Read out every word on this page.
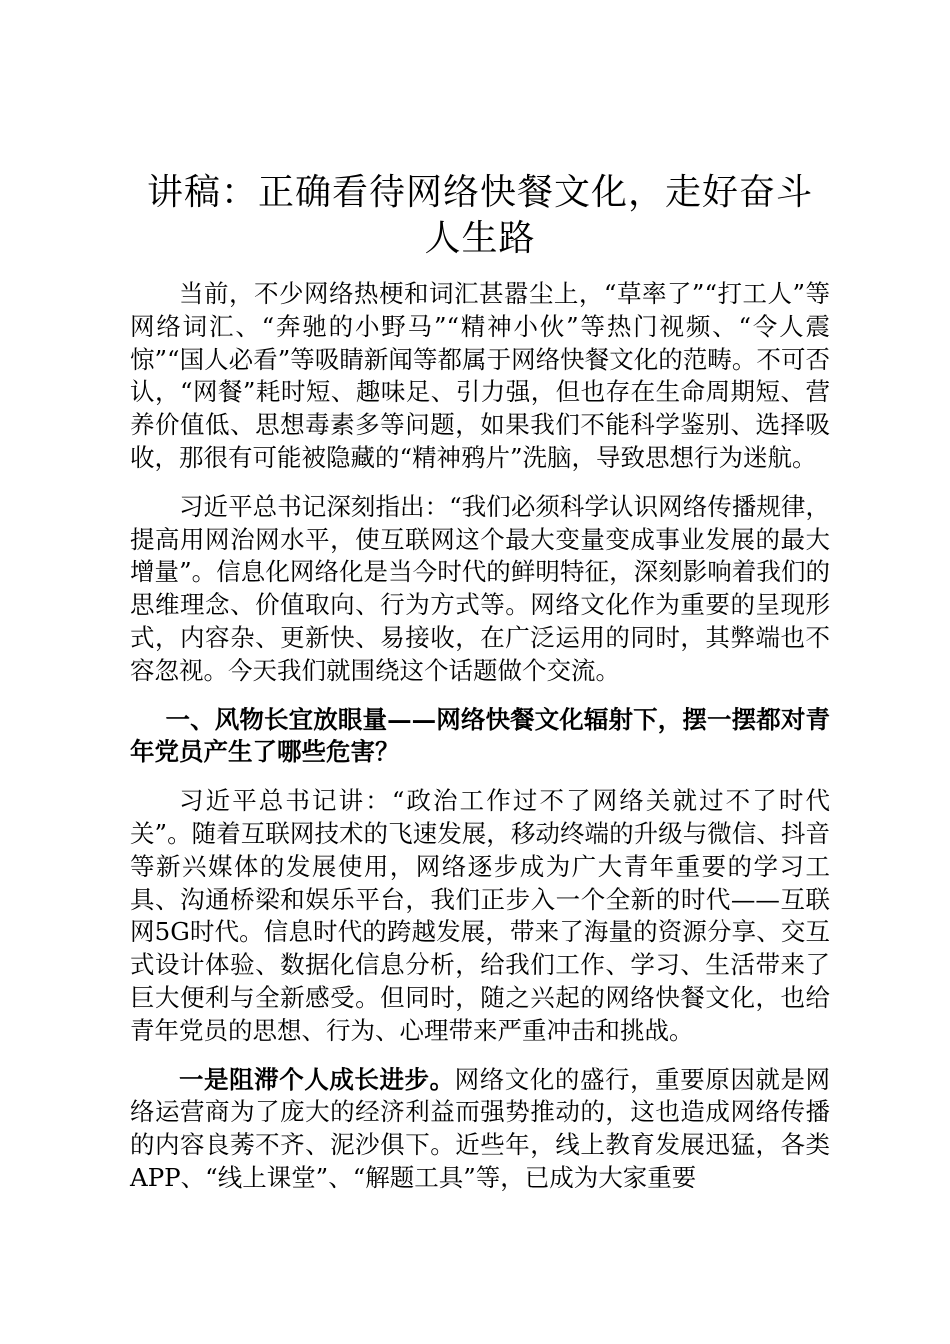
讲稿：正确看待网络快餐文化，走好奋斗人生路

当前，不少网络热梗和词汇甚嚣尘上，“草率了”“打工人”等网络词汇、“奔驰的小野马”“精神小伙”等热门视频、“令人震惊”“国人必看”等吸睛新闻等都属于网络快餐文化的范畴。不可否认，“网餐”耗时短、趣味足、引力强，但也存在生命周期短、营养价值低、思想毒素多等问题，如果我们不能科学鉴别、选择吸收，那很有可能被隐藏的“精神鸦片”洗脑，导致思想行为迷航。

习近平总书记深刻指出：“我们必须科学认识网络传播规律，提高用网治网水平，使互联网这个最大变量变成事业发展的最大增量”。信息化网络化是当今时代的鲜明特征，深刻影响着我们的思维理念、价值取向、行为方式等。网络文化作为重要的呈现形式，内容杂、更新快、易接收，在广泛运用的同时，其弊端也不容忽视。今天我们就围绕这个话题做个交流。

一、风物长宜放眼量——网络快餐文化辐射下，摆一摆都对青年党员产生了哪些危害？

习近平总书记讲：“政治工作过不了网络关就过不了时代关”。随着互联网技术的飞速发展，移动终端的升级与微信、抖音等新兴媒体的发展使用，网络逐步成为广大青年重要的学习工具、沟通桥梁和娱乐平台，我们正步入一个全新的时代——互联网5G时代。信息时代的跨越发展，带来了海量的资源分享、交互式设计体验、数据化信息分析，给我们工作、学习、生活带来了巨大便利与全新感受。但同时，随之兴起的网络快餐文化，也给青年党员的思想、行为、心理带来严重冲击和挑战。

一是阻滞个人成长进步。网络文化的盛行，重要原因就是网络运营商为了庞大的经济利益而强势推动的，这也造成网络传播的内容良莠不齐、泥沙俱下。近些年，线上教育发展迅猛，各类APP、“线上课堂”、“解题工具”等，已成为大家重要
